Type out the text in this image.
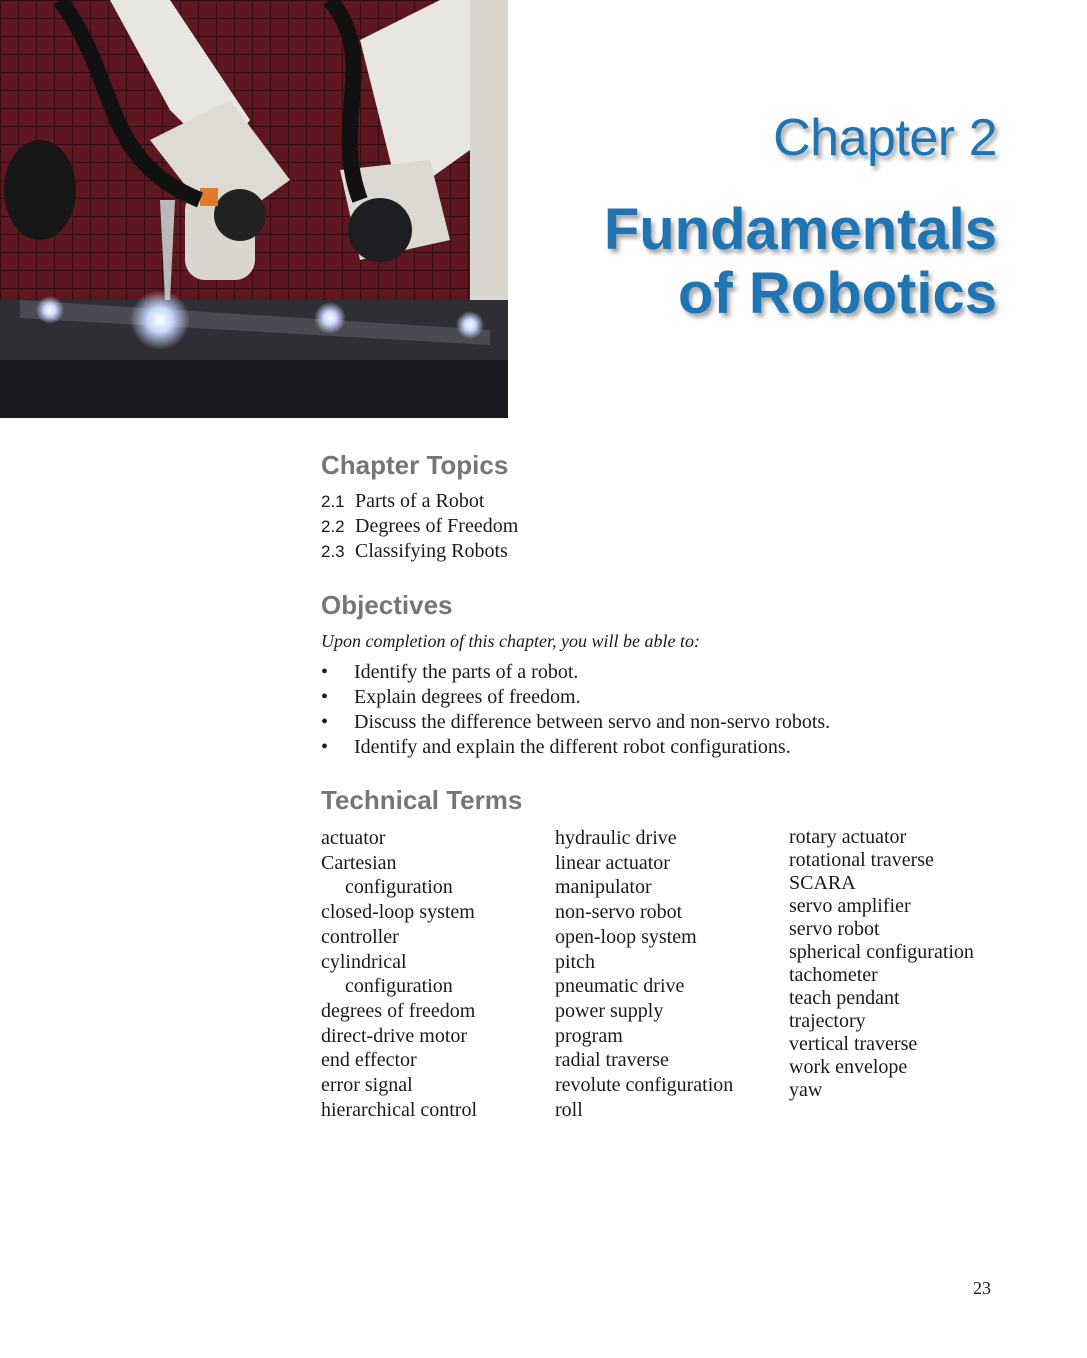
Chapter 2
Fundamentals
of Robotics
Chapter Topics
2.1 Parts of a Robot
2.2 Degrees of Freedom
2.3 Classifying Robots
Objectives
Upon completion of this chapter, you will be able to:
• Identify the parts of a robot.
• Explain degrees of freedom.
• Discuss the difference between servo and non-servo robots.
• Identify and explain the different robot configurations.
Technical Terms
actuator
Cartesian
configuration
closed-loop system
controller
cylindrical
configuration
degrees of freedom
direct-drive motor
end effector
error signal
hierarchical control
hydraulic drive
linear actuator
manipulator
non-servo robot
open-loop system
pitch
pneumatic drive
power supply
program
radial traverse
revolute configuration
roll
rotary actuator
rotational traverse
SCARA
servo amplifier
servo robot
spherical configuration
tachometer
teach pendant
trajectory
vertical traverse
work envelope
yaw
23
